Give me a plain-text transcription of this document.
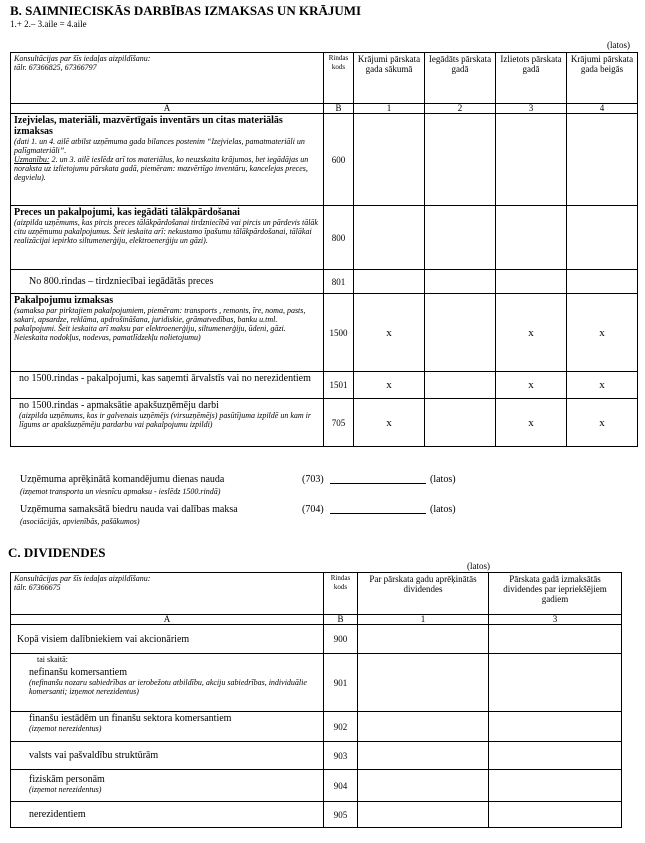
B. SAIMNIECISKĀS DARBĪBAS IZMAKSAS UN KRĀJUMI
1.+ 2.– 3.aile = 4.aile
(latos)
Konsultācijas par šīs iedaļas aizpildīšanu:
tālr. 67366825, 67366797	Rindas kods	Krājumi pārskata gada sākumā	Iegādāts pārskata gadā	Izlietots pārskata gadā	Krājumi pārskata gada beigās
A	B	1	2	3	4

Izejvielas, materiāli, mazvērtīgais inventārs un citas materiālās izmaksas
(dati 1. un 4. ailē atbilst uzņēmuma gada bilances postenim “Izejvielas, pamatmateriāli un palīgmateriāli”.
Uzmanību: 2. un 3. ailē ieslēdz arī tos materiālus, ko neuzskaita krājumos, bet iegādājas un noraksta uz izlietojumu pārskata gadā, piemēram: mazvērtīgo inventāru, kancelejas preces, degvielu).	600				

Preces un pakalpojumi, kas iegādāti tālākpārdošanai
(aizpilda uzņēmums, kas pircis preces tālākpārdošanai tirdzniecībā vai pircis un pārdevis tālāk citu uzņēmumu pakalpojumus. Šeit ieskaita arī: nekustamo īpašumu tālākpārdošanai, tālākai realizācijai iepirkto siltumenerģiju, elektroenerģiju un gāzi).	800				
No 800.rindas – tirdzniecībai iegādātās preces	801				

Pakalpojumu izmaksas
(samaksa par pirktajiem pakalpojumiem, piemēram: transports , remonts, īre, noma, pasts, sakari, apsardze, reklāma, apdrošināšana, juridiskie, grāmatvedības, banku u.tml. pakalpojumi. Šeit ieskaita arī maksu par elektroenerģiju, siltumenerģiju, ūdeni, gāzi. Neieskaita nodokļus, nodevas, pamatlīdzekļu nolietojumu)	1500	x		x	x
no 1500.rindas - pakalpojumi, kas saņemti ārvalstīs vai no nerezidentiem	1501	x		x	x

no 1500.rindas - apmaksātie apakšuzņēmēju darbi
(aizpilda uzņēmums, kas ir galvenais uzņēmējs (virsuzņēmējs) pasūtījuma izpildē un kam ir līgums ar apakšuzņēmēju pardarbu vai pakalpojumu izpildi)	705	x		x	x
Uzņēmuma aprēķinātā komandējumu dienas nauda
(izņemot transporta un viesnīcu apmaksu - ieslēdz 1500.rindā)
(703)	(latos)
Uzņēmuma samaksātā biedru nauda vai dalības maksa
(asociācijās, apvienībās, pašākumos)
(704)	(latos)
C. DIVIDENDES
(latos)
Konsultācijas par šīs iedaļas aizpildīšanu:
tālr. 67366675	Rindas kods	Par pārskata gadu aprēķinātās dividendes	Pārskata gadā izmaksātās dividendes par iepriekšējiem gadiem
A	B	1	3
Kopā visiem dalībniekiem vai akcionāriem	900		

tai skaitā:
nefinanšu komersantiem
(nefinanšu nozaru sabiedrības ar ierobežotu atbildību, akciju sabiedrības, individuālie komersanti; izņemot nerezidentus)	901		

finanšu iestādēm un finanšu sektora komersantiem
(izņemot nerezidentus)	902		
valsts vai pašvaldību struktūrām	903		

fiziskām personām
(izņemot nerezidentus)	904		
nerezidentiem	905		
